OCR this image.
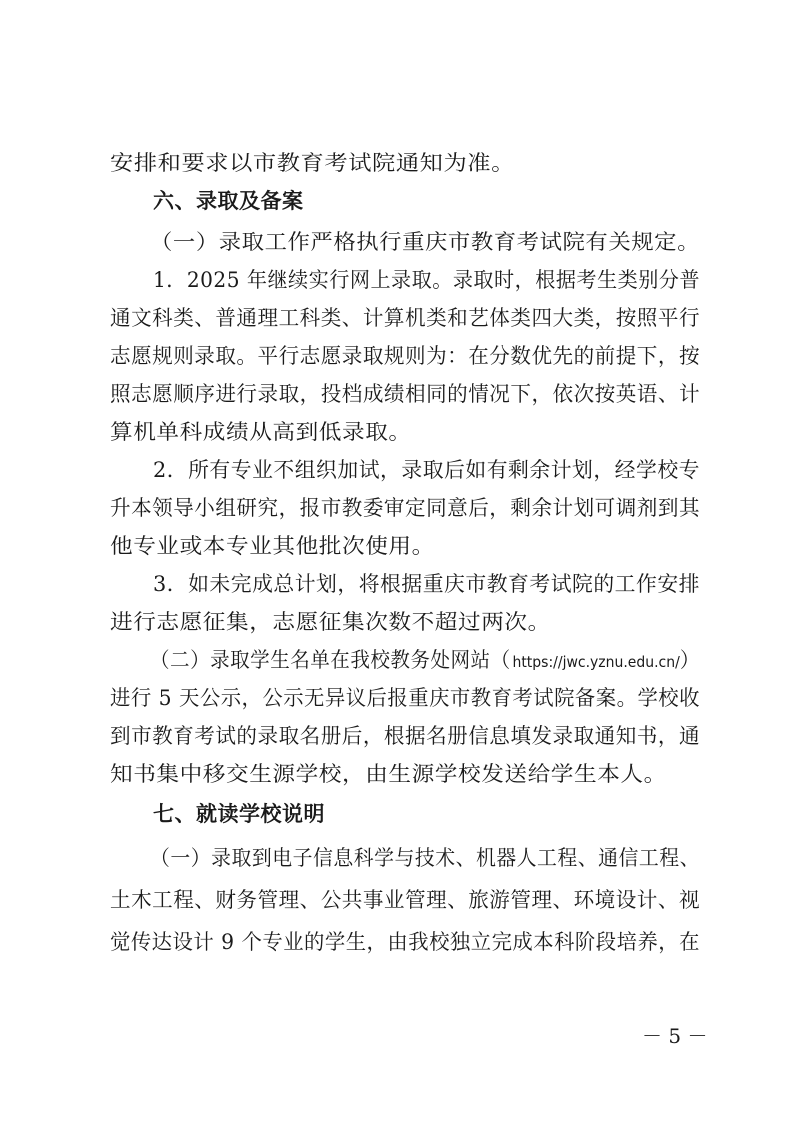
安排和要求以市教育考试院通知为准。
六、录取及备案
（一）录取工作严格执行重庆市教育考试院有关规定。
1．2025 年继续实行网上录取。录取时，根据考生类别分普
通文科类、普通理工科类、计算机类和艺体类四大类，按照平行
志愿规则录取。平行志愿录取规则为：在分数优先的前提下，按
照志愿顺序进行录取，投档成绩相同的情况下，依次按英语、计
算机单科成绩从高到低录取。
2．所有专业不组织加试，录取后如有剩余计划，经学校专
升本领导小组研究，报市教委审定同意后，剩余计划可调剂到其
他专业或本专业其他批次使用。
3．如未完成总计划，将根据重庆市教育考试院的工作安排
进行志愿征集，志愿征集次数不超过两次。
（二）录取学生名单在我校教务处网站（ https://jwc.yznu.edu.cn/）
进行 5 天公示，公示无异议后报重庆市教育考试院备案。学校收
到市教育考试的录取名册后，根据名册信息填发录取通知书，通
知书集中移交生源学校，由生源学校发送给学生本人。
七、就读学校说明
（一）录取到电子信息科学与技术、机器人工程、通信工程、
土木工程、财务管理、公共事业管理、旅游管理、环境设计、视
觉传达设计 9 个专业的学生，由我校独立完成本科阶段培养，在
－ 5 －
